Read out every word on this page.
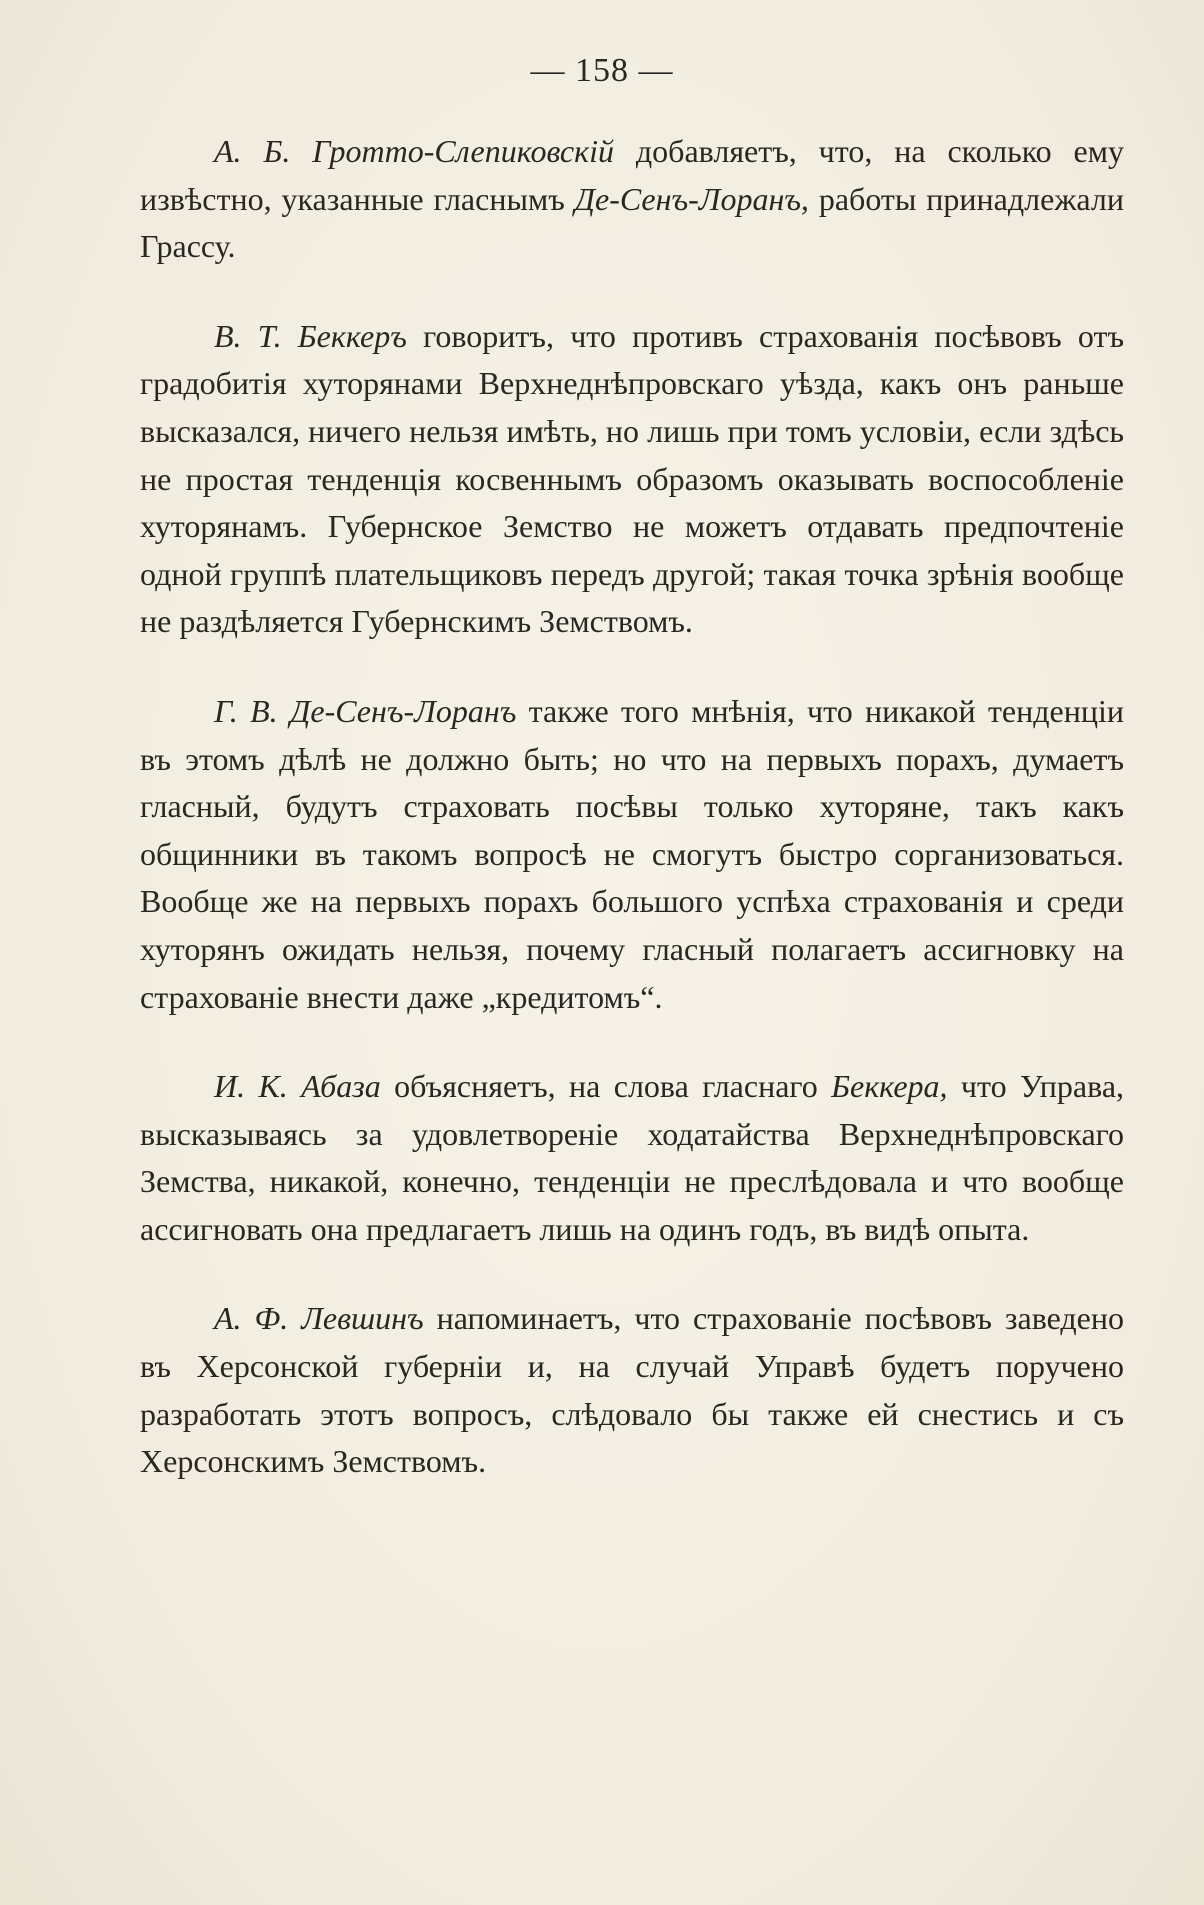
— 158 —

А. Б. Гротто-Слепиковскій добавляетъ, что, на сколько ему извѣстно, указанные гласнымъ Де-Сенъ-Лоранъ, работы принадлежали Грассу.

В. Т. Беккеръ говоритъ, что противъ страхованія посѣвовъ отъ градобитія хуторянами Верхнеднѣпровскаго уѣзда, какъ онъ раньше высказался, ничего нельзя имѣть, но лишь при томъ условіи, если здѣсь не простая тенденція косвеннымъ образомъ оказывать воспособленіе хуторянамъ. Губернское Земство не можетъ отдавать предпочтеніе одной группѣ плательщиковъ передъ другой; такая точка зрѣнія вообще не раздѣляется Губернскимъ Земствомъ.

Г. В. Де-Сенъ-Лоранъ также того мнѣнія, что никакой тенденціи въ этомъ дѣлѣ не должно быть; но что на первыхъ порахъ, думаетъ гласный, будутъ страховать посѣвы только хуторяне, такъ какъ общинники въ такомъ вопросѣ не смогутъ быстро сорганизоваться. Вообще же на первыхъ порахъ большого успѣха страхованія и среди хуторянъ ожидать нельзя, почему гласный полагаетъ ассигновку на страхованіе внести даже „кредитомъ“.

И. К. Абаза объясняетъ, на слова гласнаго Беккера, что Управа, высказываясь за удовлетвореніе ходатайства Верхнеднѣпровскаго Земства, никакой, конечно, тенденціи не преслѣдовала и что вообще ассигновать она предлагаетъ лишь на одинъ годъ, въ видѣ опыта.

А. Ф. Левшинъ напоминаетъ, что страхованіе посѣвовъ заведено въ Херсонской губерніи и, на случай Управѣ будетъ поручено разработать этотъ вопросъ, слѣдовало бы также ей снестись и съ Херсонскимъ Земствомъ.
